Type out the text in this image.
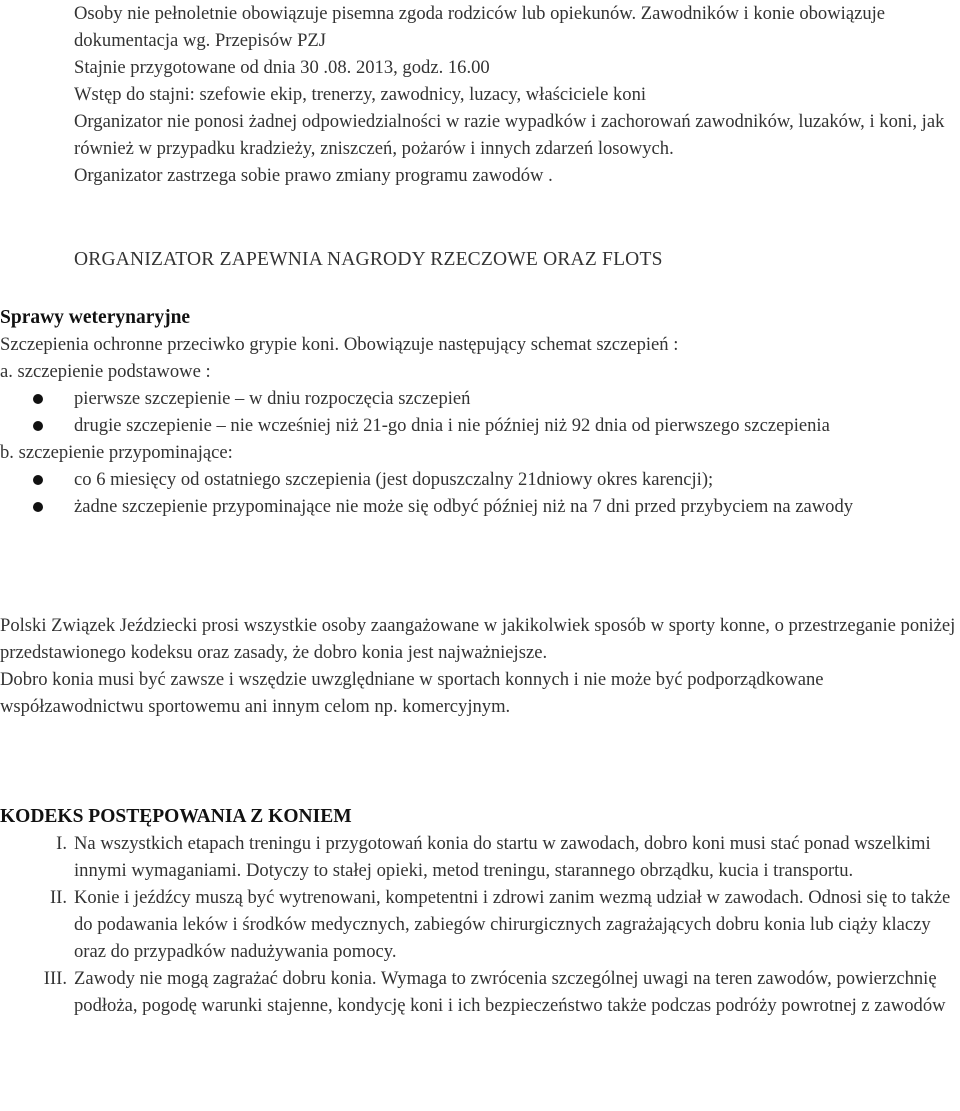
Osoby nie pełnoletnie obowiązuje pisemna zgoda rodziców lub opiekunów. Zawodników i konie obowiązuje dokumentacja wg. Przepisów PZJ

Stajnie przygotowane od dnia 30 .08. 2013, godz. 16.00

Wstęp do stajni: szefowie ekip, trenerzy, zawodnicy, luzacy, właściciele koni

Organizator nie ponosi żadnej odpowiedzialności w razie wypadków i zachorowań zawodników, luzaków, i koni, jak również w przypadku kradzieży, zniszczeń, pożarów i innych zdarzeń losowych.

Organizator zastrzega sobie prawo zmiany programu zawodów .

ORGANIZATOR ZAPEWNIA NAGRODY RZECZOWE ORAZ FLOTS

Sprawy weterynaryjne

Szczepienia ochronne przeciwko grypie koni. Obowiązuje następujący schemat szczepień :

a. szczepienie podstawowe :

pierwsze szczepienie – w dniu rozpoczęcia szczepień
drugie szczepienie – nie wcześniej niż 21-go dnia i nie później niż 92 dnia od pierwszego szczepienia

b. szczepienie przypominające:

co 6 miesięcy od ostatniego szczepienia (jest dopuszczalny 21dniowy okres karencji);
żadne szczepienie przypominające nie może się odbyć później niż na 7 dni przed przybyciem na zawody

Polski Związek Jeździecki prosi wszystkie osoby zaangażowane w jakikolwiek sposób w sporty konne, o przestrzeganie poniżej przedstawionego kodeksu oraz zasady, że dobro konia jest najważniejsze.

Dobro konia musi być zawsze i wszędzie uwzględniane w sportach konnych i nie może być podporządkowane współzawodnictwu sportowemu ani innym celom np. komercyjnym.

KODEKS POSTĘPOWANIA Z KONIEM

I. Na wszystkich etapach treningu i przygotowań konia do startu w zawodach, dobro koni musi stać ponad wszelkimi innymi wymaganiami. Dotyczy to stałej opieki, metod treningu, starannego obrządku, kucia i transportu.
II. Konie i jeźdźcy muszą być wytrenowani, kompetentni i zdrowi zanim wezmą udział w zawodach. Odnosi się to także do podawania leków i środków medycznych, zabiegów chirurgicznych zagrażających dobru konia lub ciąży klaczy oraz do przypadków nadużywania pomocy.
III. Zawody nie mogą zagrażać dobru konia. Wymaga to zwrócenia szczególnej uwagi na teren zawodów, powierzchnię podłoża, pogodę warunki stajenne, kondycję koni i ich bezpieczeństwo także podczas podróży powrotnej z zawodów
